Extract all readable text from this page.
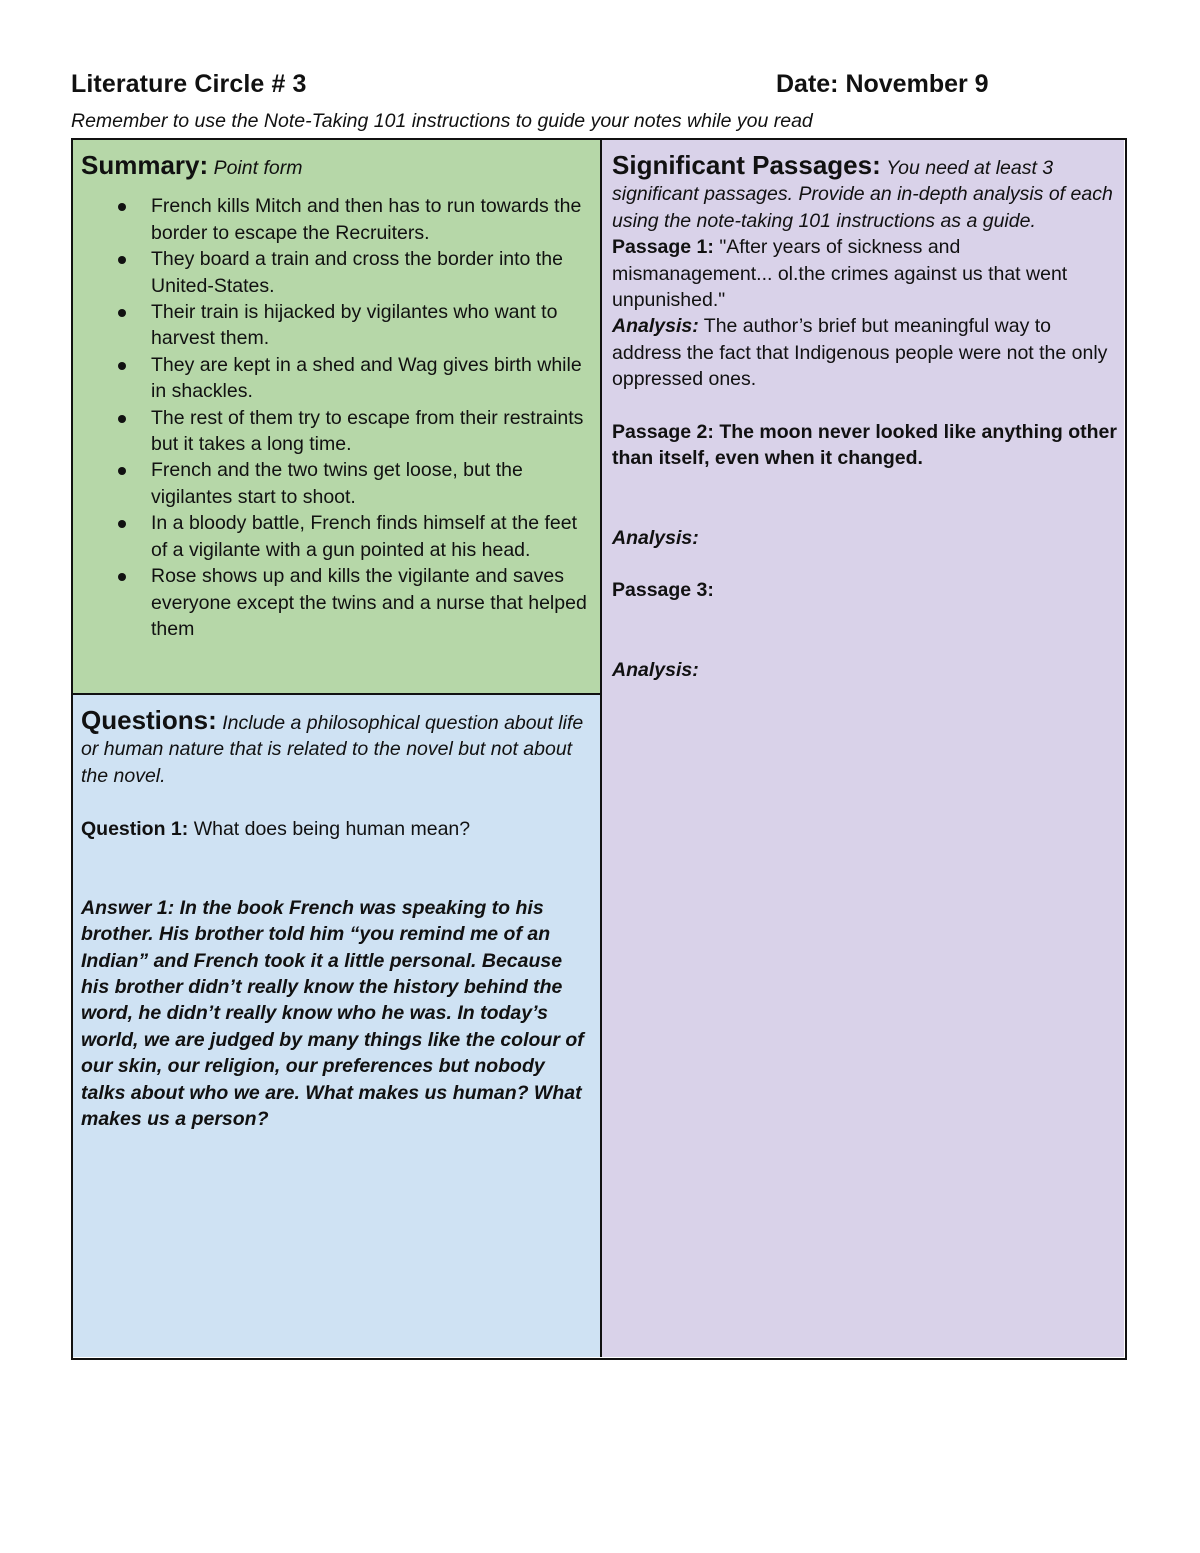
Literature Circle # 3	Date: November 9
Remember to use the Note-Taking 101 instructions to guide your notes while you read
Summary: Point form
French kills Mitch and then has to run towards the border to escape the Recruiters.
They board a train and cross the border into the United-States.
Their train is hijacked by vigilantes who want to harvest them.
They are kept in a shed and Wag gives birth while in shackles.
The rest of them try to escape from their restraints but it takes a long time.
French and the two twins get loose, but the vigilantes start to shoot.
In a bloody battle, French finds himself at the feet of a vigilante with a gun pointed at his head.
Rose shows up and kills the vigilante and saves everyone except the twins and a nurse that helped them
Questions: Include a philosophical question about life or human nature that is related to the novel but not about the novel.
Question 1: What does being human mean?
Answer 1: In the book French was speaking to his brother. His brother told him “you remind me of an Indian” and French took it a little personal. Because his brother didn’t really know the history behind the word, he didn’t really know who he was. In today’s world, we are judged by many things like the colour of our skin, our religion, our preferences but nobody talks about who we are. What makes us human? What makes us a person?
Significant Passages: You need at least 3 significant passages. Provide an in-depth analysis of each using the note-taking 101 instructions as a guide.
Passage 1: "After years of sickness and mismanagement... ol.the crimes against us that went unpunished."
Analysis: The author’s brief but meaningful way to address the fact that Indigenous people were not the only oppressed ones.
Passage 2: The moon never looked like anything other than itself, even when it changed.
Analysis:
Passage 3:
Analysis:
